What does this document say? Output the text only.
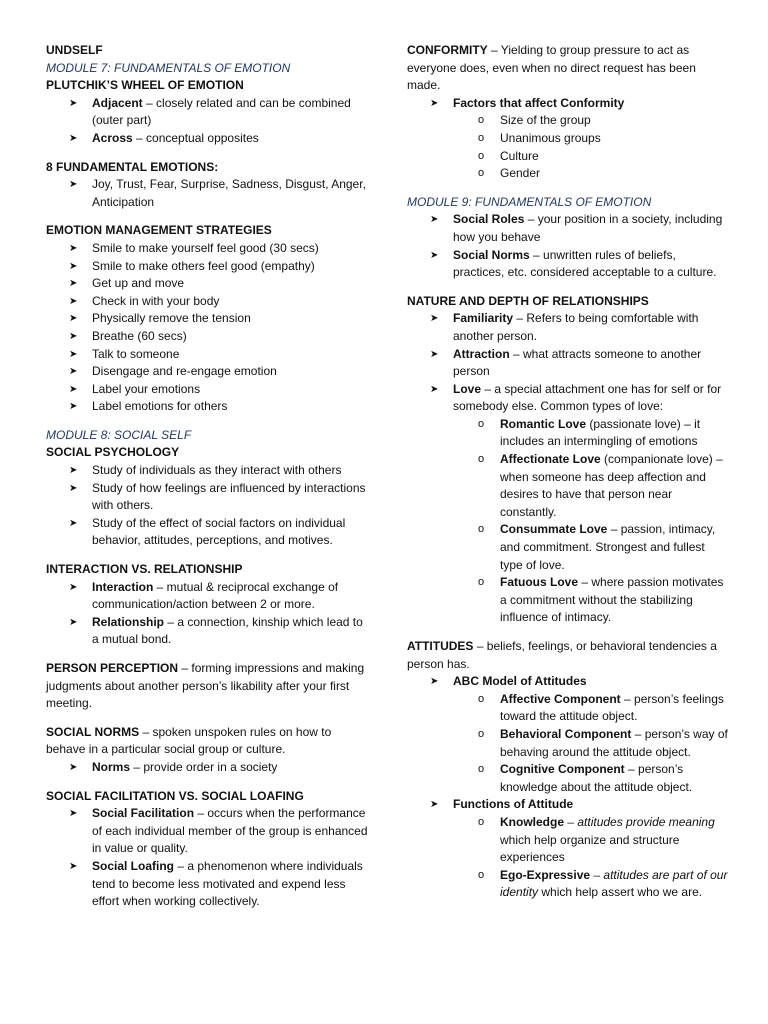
UNDSELF
MODULE 7: FUNDAMENTALS OF EMOTION
PLUTCHIK’S WHEEL OF EMOTION
➤ Adjacent – closely related and can be combined (outer part)
➤ Across – conceptual opposites
8 FUNDAMENTAL EMOTIONS:
➤ Joy, Trust, Fear, Surprise, Sadness, Disgust, Anger, Anticipation
EMOTION MANAGEMENT STRATEGIES
➤ Smile to make yourself feel good (30 secs)
➤ Smile to make others feel good (empathy)
➤ Get up and move
➤ Check in with your body
➤ Physically remove the tension
➤ Breathe (60 secs)
➤ Talk to someone
➤ Disengage and re-engage emotion
➤ Label your emotions
➤ Label emotions for others
MODULE 8: SOCIAL SELF
SOCIAL PSYCHOLOGY
➤ Study of individuals as they interact with others
➤ Study of how feelings are influenced by interactions with others.
➤ Study of the effect of social factors on individual behavior, attitudes, perceptions, and motives.
INTERACTION VS. RELATIONSHIP
➤ Interaction – mutual & reciprocal exchange of communication/action between 2 or more.
➤ Relationship – a connection, kinship which lead to a mutual bond.
PERSON PERCEPTION – forming impressions and making judgments about another person’s likability after your first meeting.
SOCIAL NORMS – spoken unspoken rules on how to behave in a particular social group or culture.
➤ Norms – provide order in a society
SOCIAL FACILITATION VS. SOCIAL LOAFING
➤ Social Facilitation – occurs when the performance of each individual member of the group is enhanced in value or quality.
➤ Social Loafing – a phenomenon where individuals tend to become less motivated and expend less effort when working collectively.
CONFORMITY – Yielding to group pressure to act as everyone does, even when no direct request has been made.
➤ Factors that affect Conformity
o Size of the group
o Unanimous groups
o Culture
o Gender
MODULE 9: FUNDAMENTALS OF EMOTION
➤ Social Roles – your position in a society, including how you behave
➤ Social Norms – unwritten rules of beliefs, practices, etc. considered acceptable to a culture.
NATURE AND DEPTH OF RELATIONSHIPS
➤ Familiarity – Refers to being comfortable with another person.
➤ Attraction – what attracts someone to another person
➤ Love – a special attachment one has for self or for somebody else. Common types of love:
o Romantic Love (passionate love) – it includes an intermingling of emotions
o Affectionate Love (companionate love) – when someone has deep affection and desires to have that person near constantly.
o Consummate Love – passion, intimacy, and commitment. Strongest and fullest type of love.
o Fatuous Love – where passion motivates a commitment without the stabilizing influence of intimacy.
ATTITUDES – beliefs, feelings, or behavioral tendencies a person has.
➤ ABC Model of Attitudes
o Affective Component – person’s feelings toward the attitude object.
o Behavioral Component – person’s way of behaving around the attitude object.
o Cognitive Component – person’s knowledge about the attitude object.
➤ Functions of Attitude
o Knowledge – attitudes provide meaning which help organize and structure experiences
o Ego-Expressive – attitudes are part of our identity which help assert who we are.
